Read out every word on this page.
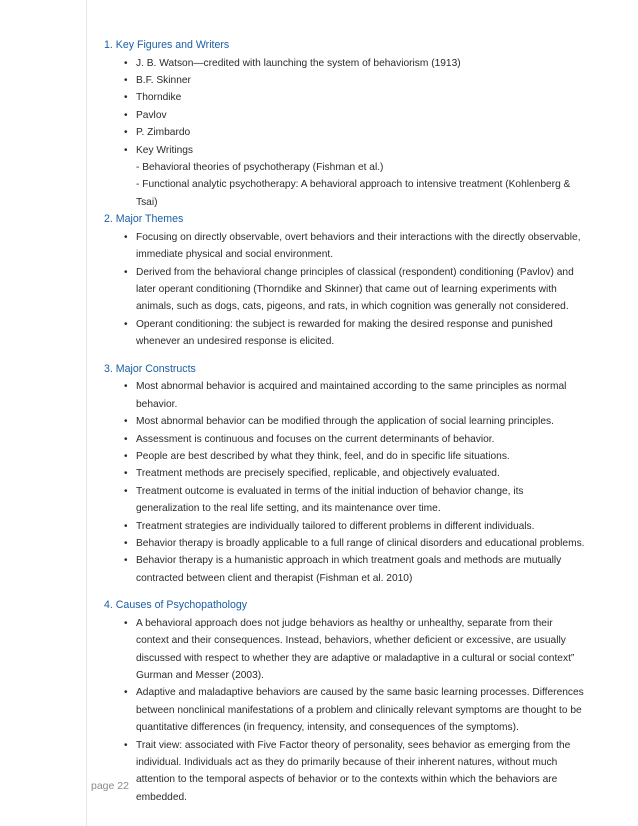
1. Key Figures and Writers
• J. B. Watson—credited with launching the system of behaviorism (1913)
• B.F. Skinner
• Thorndike
• Pavlov
• P. Zimbardo
• Key Writings
- Behavioral theories of psychotherapy (Fishman et al.)
- Functional analytic psychotherapy: A behavioral approach to intensive treatment (Kohlenberg & Tsai)
2. Major Themes
• Focusing on directly observable, overt behaviors and their interactions with the directly observable, immediate physical and social environment.
• Derived from the behavioral change principles of classical (respondent) conditioning (Pavlov) and later operant conditioning (Thorndike and Skinner) that came out of learning experiments with animals, such as dogs, cats, pigeons, and rats, in which cognition was generally not considered.
• Operant conditioning: the subject is rewarded for making the desired response and punished whenever an undesired response is elicited.
3. Major Constructs
• Most abnormal behavior is acquired and maintained according to the same principles as normal behavior.
• Most abnormal behavior can be modified through the application of social learning principles.
• Assessment is continuous and focuses on the current determinants of behavior.
• People are best described by what they think, feel, and do in specific life situations.
• Treatment methods are precisely specified, replicable, and objectively evaluated.
• Treatment outcome is evaluated in terms of the initial induction of behavior change, its generalization to the real life setting, and its maintenance over time.
• Treatment strategies are individually tailored to different problems in different individuals.
• Behavior therapy is broadly applicable to a full range of clinical disorders and educational problems.
• Behavior therapy is a humanistic approach in which treatment goals and methods are mutually contracted between client and therapist (Fishman et al. 2010)
4. Causes of Psychopathology
• A behavioral approach does not judge behaviors as healthy or unhealthy, separate from their context and their consequences. Instead, behaviors, whether deficient or excessive, are usually discussed with respect to whether they are adaptive or maladaptive in a cultural or social context” Gurman and Messer (2003).
• Adaptive and maladaptive behaviors are caused by the same basic learning processes. Differences between nonclinical manifestations of a problem and clinically relevant symptoms are thought to be quantitative differences (in frequency, intensity, and consequences of the symptoms).
• Trait view: associated with Five Factor theory of personality, sees behavior as emerging from the individual. Individuals act as they do primarily because of their inherent natures, without much attention to the temporal aspects of behavior or to the contexts within which the behaviors are embedded.
page 22
